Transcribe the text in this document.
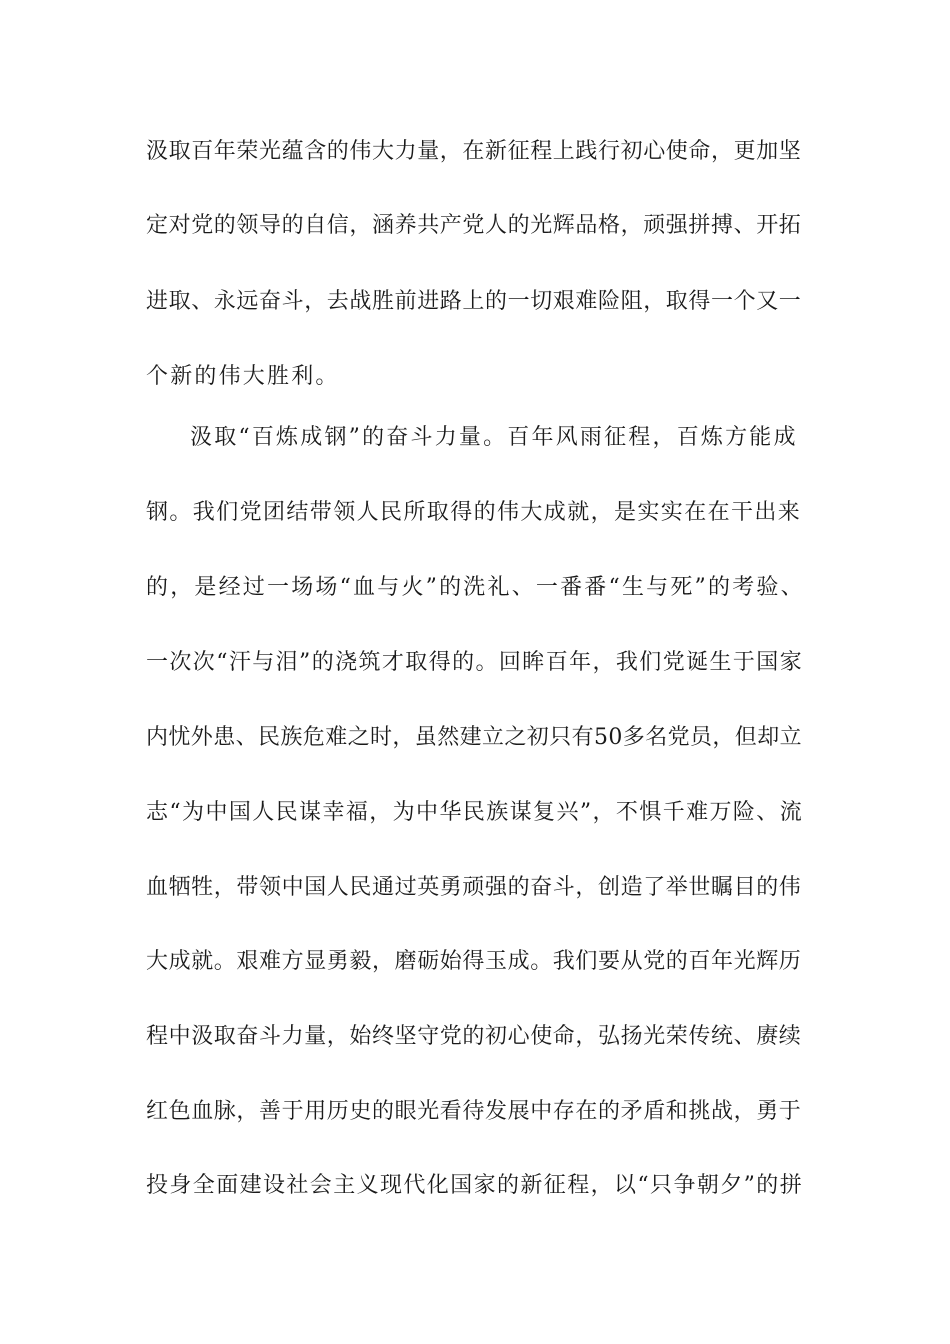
汲取百年荣光蕴含的伟大力量，在新征程上践行初心使命，更加坚
定对党的领导的自信，涵养共产党人的光辉品格，顽强拼搏、开拓
进取、永远奋斗，去战胜前进路上的一切艰难险阻，取得一个又一
个新的伟大胜利。
汲取“百炼成钢”的奋斗力量。百年风雨征程，百炼方能成
钢。我们党团结带领人民所取得的伟大成就，是实实在在干出来
的，是经过一场场“血与火”的洗礼、一番番“生与死”的考验、
一次次“汗与泪”的浇筑才取得的。回眸百年，我们党诞生于国家
内忧外患、民族危难之时，虽然建立之初只有50多名党员，但却立
志“为中国人民谋幸福，为中华民族谋复兴”，不惧千难万险、流
血牺牲，带领中国人民通过英勇顽强的奋斗，创造了举世瞩目的伟
大成就。艰难方显勇毅，磨砺始得玉成。我们要从党的百年光辉历
程中汲取奋斗力量，始终坚守党的初心使命，弘扬光荣传统、赓续
红色血脉，善于用历史的眼光看待发展中存在的矛盾和挑战，勇于
投身全面建设社会主义现代化国家的新征程，以“只争朝夕”的拼
